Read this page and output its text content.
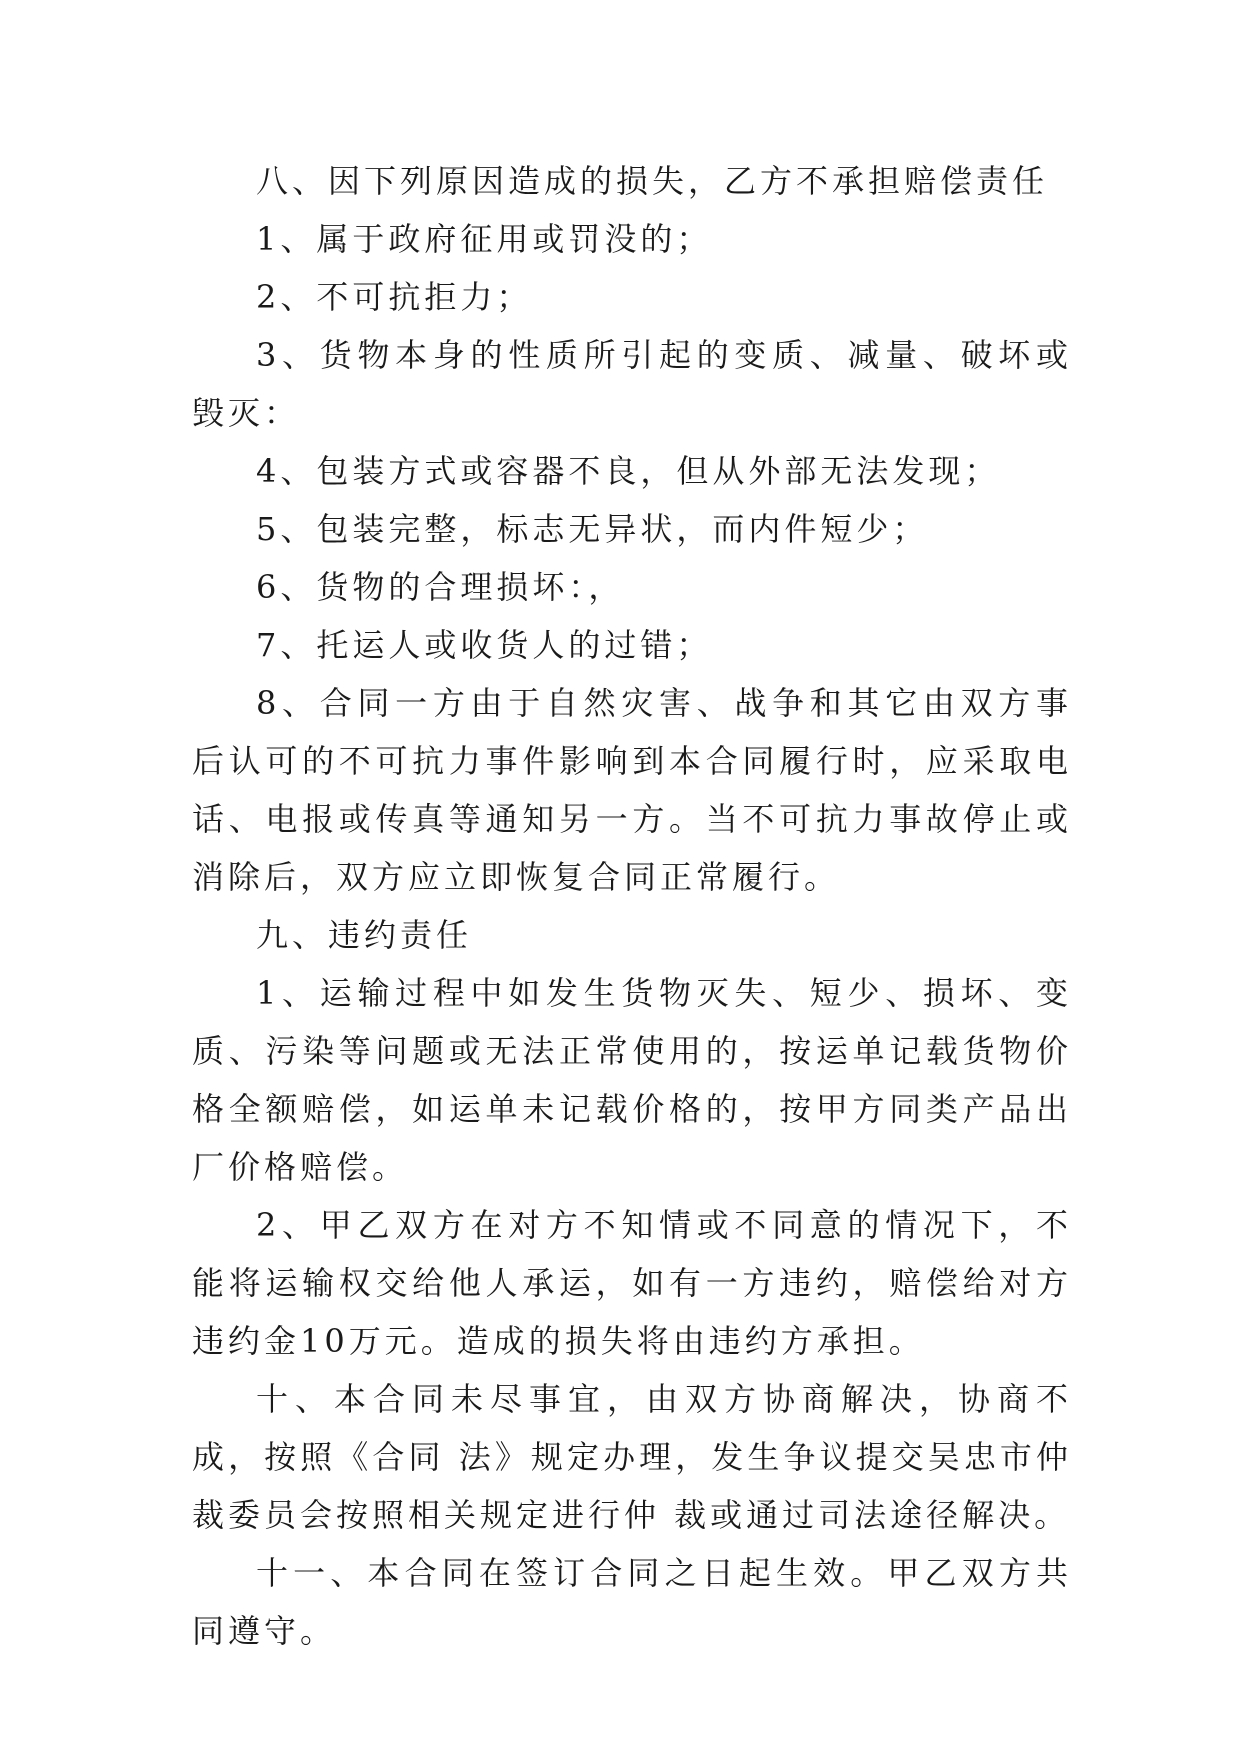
八、因下列原因造成的损失，乙方不承担赔偿责任

1、属于政府征用或罚没的；

2、不可抗拒力；

3、货物本身的性质所引起的变质、减量、破坏或毁灭：

4、包装方式或容器不良，但从外部无法发现；

5、包装完整，标志无异状，而内件短少；

6、货物的合理损坏：，

7、托运人或收货人的过错；

8、合同一方由于自然灾害、战争和其它由双方事后认可的不可抗力事件影响到本合同履行时，应采取电话、电报或传真等通知另一方。当不可抗力事故停止或消除后，双方应立即恢复合同正常履行。

九、违约责任

1、运输过程中如发生货物灭失、短少、损坏、变质、污染等问题或无法正常使用的，按运单记载货物价格全额赔偿，如运单未记载价格的，按甲方同类产品出厂价格赔偿。

2、甲乙双方在对方不知情或不同意的情况下，不能将运输权交给他人承运，如有一方违约，赔偿给对方违约金10万元。造成的损失将由违约方承担。

十、本合同未尽事宜，由双方协商解决，协商不成，按照《合同 法》规定办理，发生争议提交吴忠市仲裁委员会按照相关规定进行仲 裁或通过司法途径解决。

十一、本合同在签订合同之日起生效。甲乙双方共同遵守。
